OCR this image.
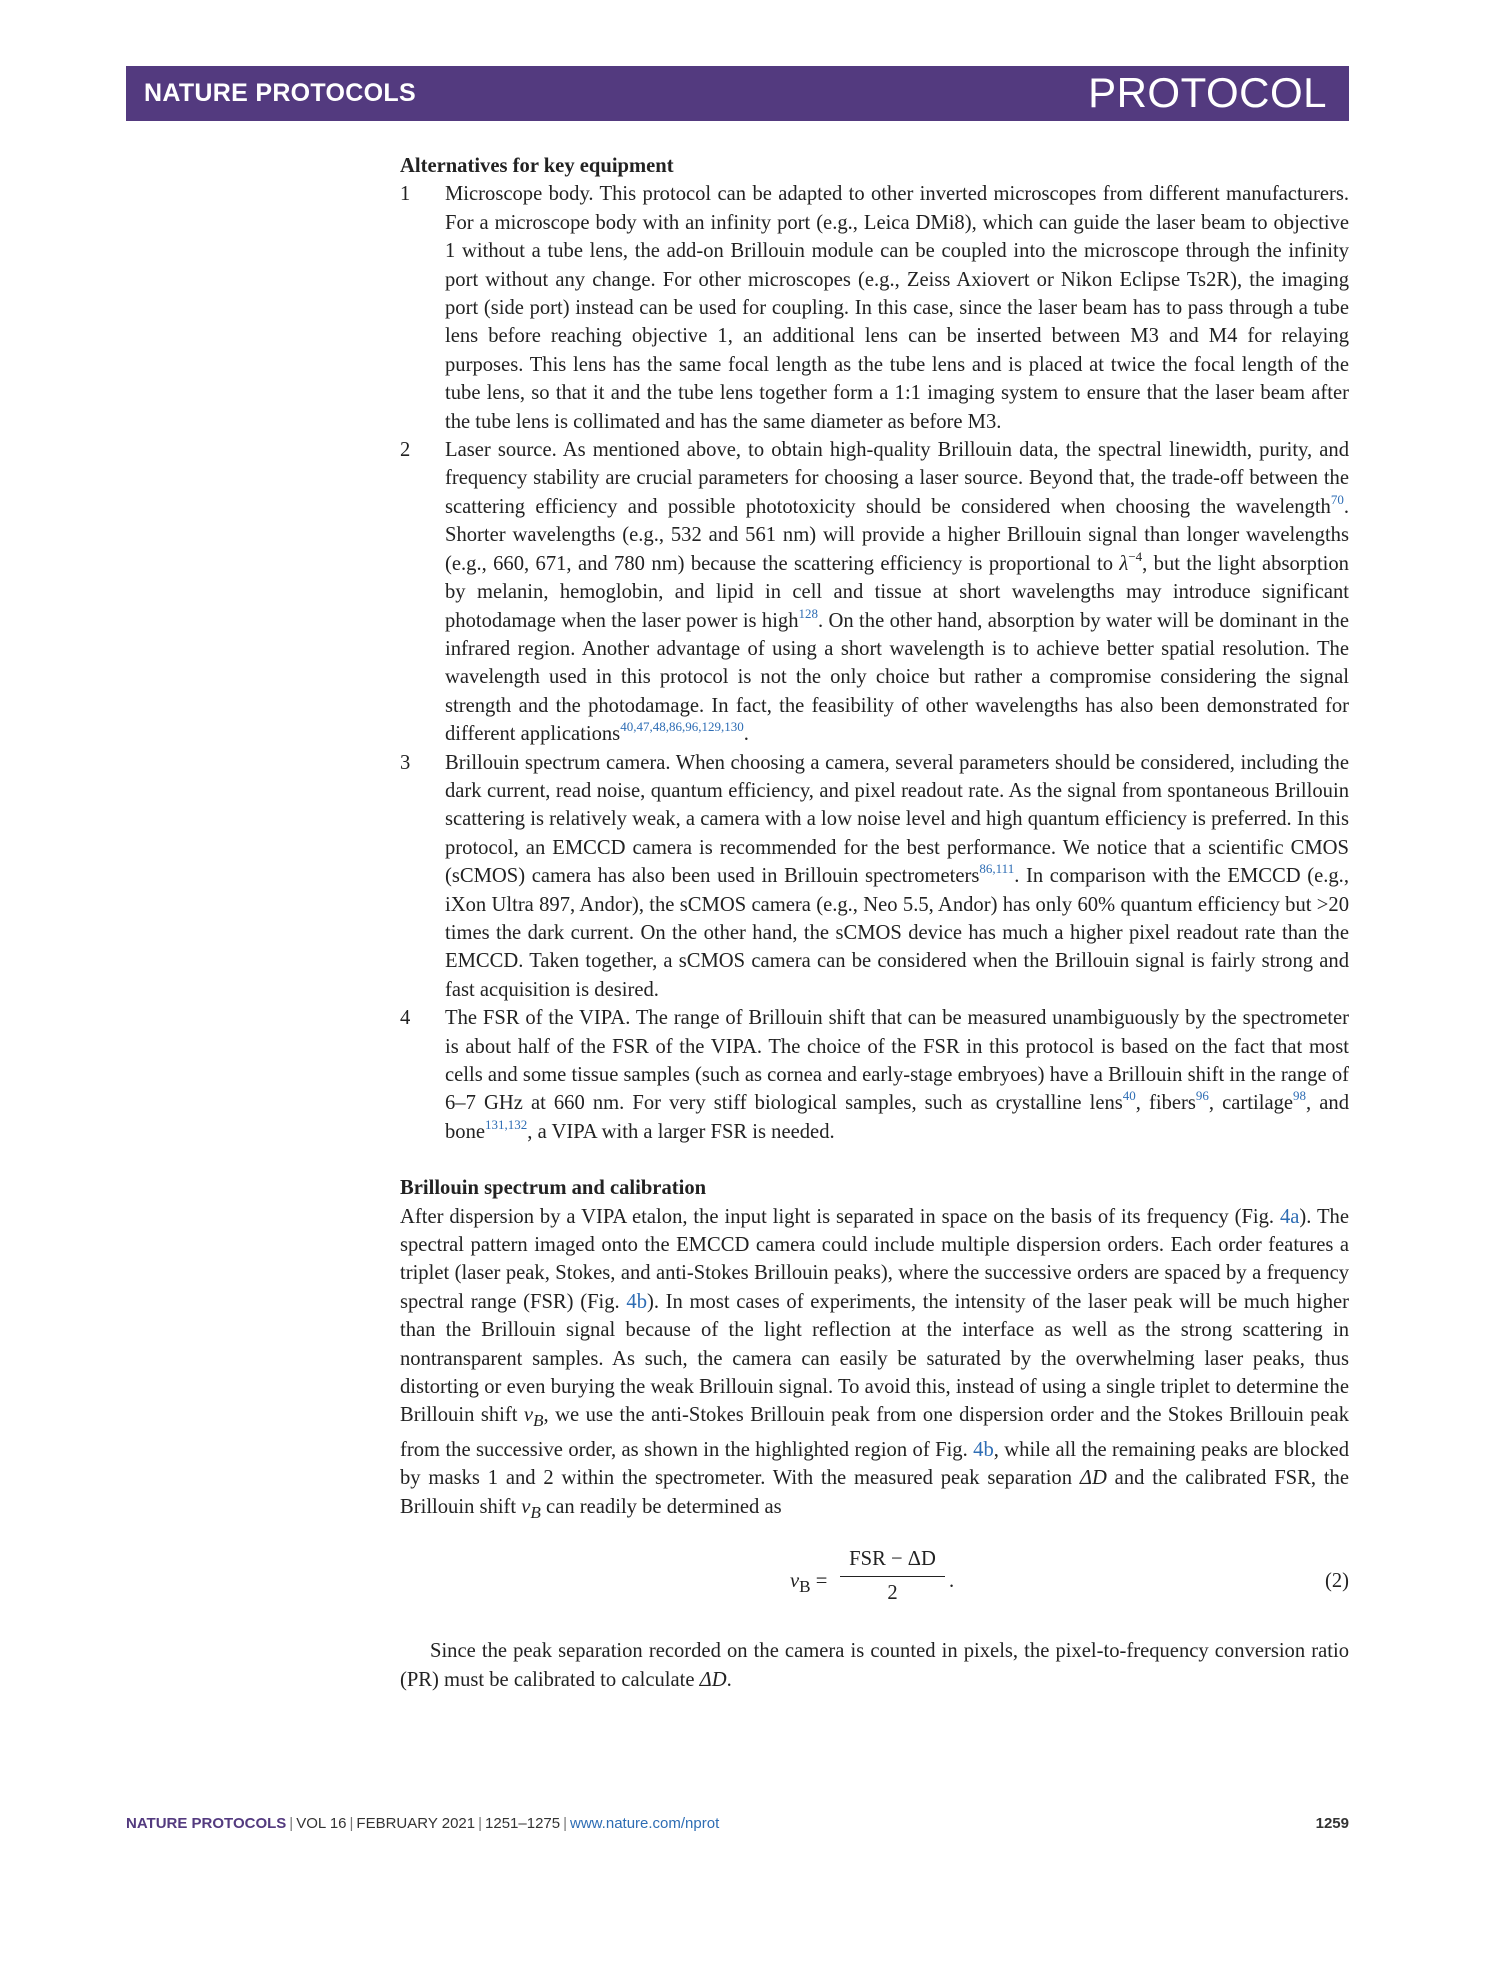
NATURE PROTOCOLS	PROTOCOL
Alternatives for key equipment
1 Microscope body. This protocol can be adapted to other inverted microscopes from different manufacturers. For a microscope body with an infinity port (e.g., Leica DMi8), which can guide the laser beam to objective 1 without a tube lens, the add-on Brillouin module can be coupled into the microscope through the infinity port without any change. For other microscopes (e.g., Zeiss Axiovert or Nikon Eclipse Ts2R), the imaging port (side port) instead can be used for coupling. In this case, since the laser beam has to pass through a tube lens before reaching objective 1, an additional lens can be inserted between M3 and M4 for relaying purposes. This lens has the same focal length as the tube lens and is placed at twice the focal length of the tube lens, so that it and the tube lens together form a 1:1 imaging system to ensure that the laser beam after the tube lens is collimated and has the same diameter as before M3.
2 Laser source. As mentioned above, to obtain high-quality Brillouin data, the spectral linewidth, purity, and frequency stability are crucial parameters for choosing a laser source. Beyond that, the trade-off between the scattering efficiency and possible phototoxicity should be considered when choosing the wavelength$^{70}$. Shorter wavelengths (e.g., 532 and 561 nm) will provide a higher Brillouin signal than longer wavelengths (e.g., 660, 671, and 780 nm) because the scattering efficiency is proportional to $\lambda^{-4}$, but the light absorption by melanin, hemoglobin, and lipid in cell and tissue at short wavelengths may introduce significant photodamage when the laser power is high$^{128}$. On the other hand, absorption by water will be dominant in the infrared region. Another advantage of using a short wavelength is to achieve better spatial resolution. The wavelength used in this protocol is not the only choice but rather a compromise considering the signal strength and the photodamage. In fact, the feasibility of other wavelengths has also been demonstrated for different applications$^{40,47,48,86,96,129,130}$.
3 Brillouin spectrum camera. When choosing a camera, several parameters should be considered, including the dark current, read noise, quantum efficiency, and pixel readout rate. As the signal from spontaneous Brillouin scattering is relatively weak, a camera with a low noise level and high quantum efficiency is preferred. In this protocol, an EMCCD camera is recommended for the best performance. We notice that a scientific CMOS (sCMOS) camera has also been used in Brillouin spectrometers$^{86,111}$. In comparison with the EMCCD (e.g., iXon Ultra 897, Andor), the sCMOS camera (e.g., Neo 5.5, Andor) has only 60% quantum efficiency but >20 times the dark current. On the other hand, the sCMOS device has much a higher pixel readout rate than the EMCCD. Taken together, a sCMOS camera can be considered when the Brillouin signal is fairly strong and fast acquisition is desired.
4 The FSR of the VIPA. The range of Brillouin shift that can be measured unambiguously by the spectrometer is about half of the FSR of the VIPA. The choice of the FSR in this protocol is based on the fact that most cells and some tissue samples (such as cornea and early-stage embryoes) have a Brillouin shift in the range of 6–7 GHz at 660 nm. For very stiff biological samples, such as crystalline lens$^{40}$, fibers$^{96}$, cartilage$^{98}$, and bone$^{131,132}$, a VIPA with a larger FSR is needed.
Brillouin spectrum and calibration
After dispersion by a VIPA etalon, the input light is separated in space on the basis of its frequency (Fig. 4a). The spectral pattern imaged onto the EMCCD camera could include multiple dispersion orders. Each order features a triplet (laser peak, Stokes, and anti-Stokes Brillouin peaks), where the successive orders are spaced by a frequency spectral range (FSR) (Fig. 4b). In most cases of experiments, the intensity of the laser peak will be much higher than the Brillouin signal because of the light reflection at the interface as well as the strong scattering in nontransparent samples. As such, the camera can easily be saturated by the overwhelming laser peaks, thus distorting or even burying the weak Brillouin signal. To avoid this, instead of using a single triplet to determine the Brillouin shift $\nu_B$, we use the anti-Stokes Brillouin peak from one dispersion order and the Stokes Brillouin peak from the successive order, as shown in the highlighted region of Fig. 4b, while all the remaining peaks are blocked by masks 1 and 2 within the spectrometer. With the measured peak separation ΔD and the calibrated FSR, the Brillouin shift $\nu_B$ can readily be determined as
$\nu_B$ =
FSR − ΔD
2
.	(2)
Since the peak separation recorded on the camera is counted in pixels, the pixel-to-frequency conversion ratio (PR) must be calibrated to calculate ΔD.
NATURE PROTOCOLS | VOL 16 | FEBRUARY 2021 | 1251–1275 | www.nature.com/nprot	1259
